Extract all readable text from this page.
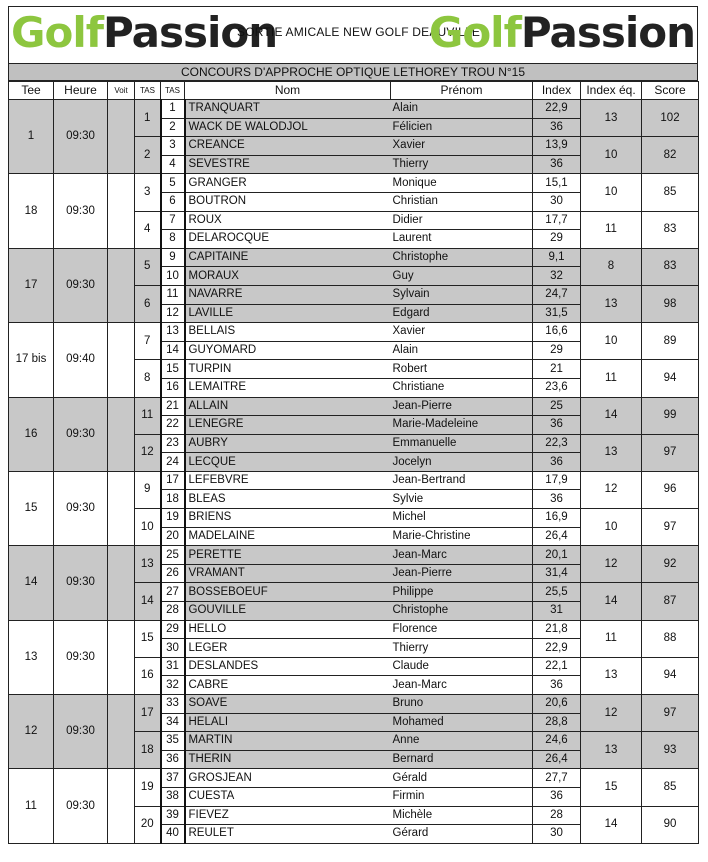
GolfPassion
SORTIE AMICALE NEW GOLF DEAUVILLE
GolfPassion
CONCOURS D'APPROCHE OPTIQUE LETHOREY TROU N°15
Tee	Heure	Voit	TAS	TAS	Nom	Prénom	Index	Index éq.	Score
1	09:30		1	1	TRANQUART	Alain	22,9	13	102
				2	WACK DE WALODJOL	Félicien	36		
			2	3	CREANCE	Xavier	13,9	10	82
				4	SEVESTRE	Thierry	36		
18	09:30		3	5	GRANGER	Monique	15,1	10	85
				6	BOUTRON	Christian	30		
			4	7	ROUX	Didier	17,7	11	83
				8	DELAROCQUE	Laurent	29		
17	09:30		5	9	CAPITAINE	Christophe	9,1	8	83
				10	MORAUX	Guy	32		
			6	11	NAVARRE	Sylvain	24,7	13	98
				12	LAVILLE	Edgard	31,5		
17 bis	09:40		7	13	BELLAIS	Xavier	16,6	10	89
				14	GUYOMARD	Alain	29		
			8	15	TURPIN	Robert	21	11	94
				16	LEMAITRE	Christiane	23,6		
16	09:30		11	21	ALLAIN	Jean-Pierre	25	14	99
				22	LENEGRE	Marie-Madeleine	36		
			12	23	AUBRY	Emmanuelle	22,3	13	97
				24	LECQUE	Jocelyn	36		
15	09:30		9	17	LEFEBVRE	Jean-Bertrand	17,9	12	96
				18	BLEAS	Sylvie	36		
			10	19	BRIENS	Michel	16,9	10	97
				20	MADELAINE	Marie-Christine	26,4		
14	09:30		13	25	PERETTE	Jean-Marc	20,1	12	92
				26	VRAMANT	Jean-Pierre	31,4		
			14	27	BOSSEBOEUF	Philippe	25,5	14	87
				28	GOUVILLE	Christophe	31		
13	09:30		15	29	HELLO	Florence	21,8	11	88
				30	LEGER	Thierry	22,9		
			16	31	DESLANDES	Claude	22,1	13	94
				32	CABRE	Jean-Marc	36		
12	09:30		17	33	SOAVE	Bruno	20,6	12	97
				34	HELALI	Mohamed	28,8		
			18	35	MARTIN	Anne	24,6	13	93
				36	THERIN	Bernard	26,4		
11	09:30		19	37	GROSJEAN	Gérald	27,7	15	85
				38	CUESTA	Firmin	36		
			20	39	FIEVEZ	Michèle	28	14	90
				40	REULET	Gérard	30		
